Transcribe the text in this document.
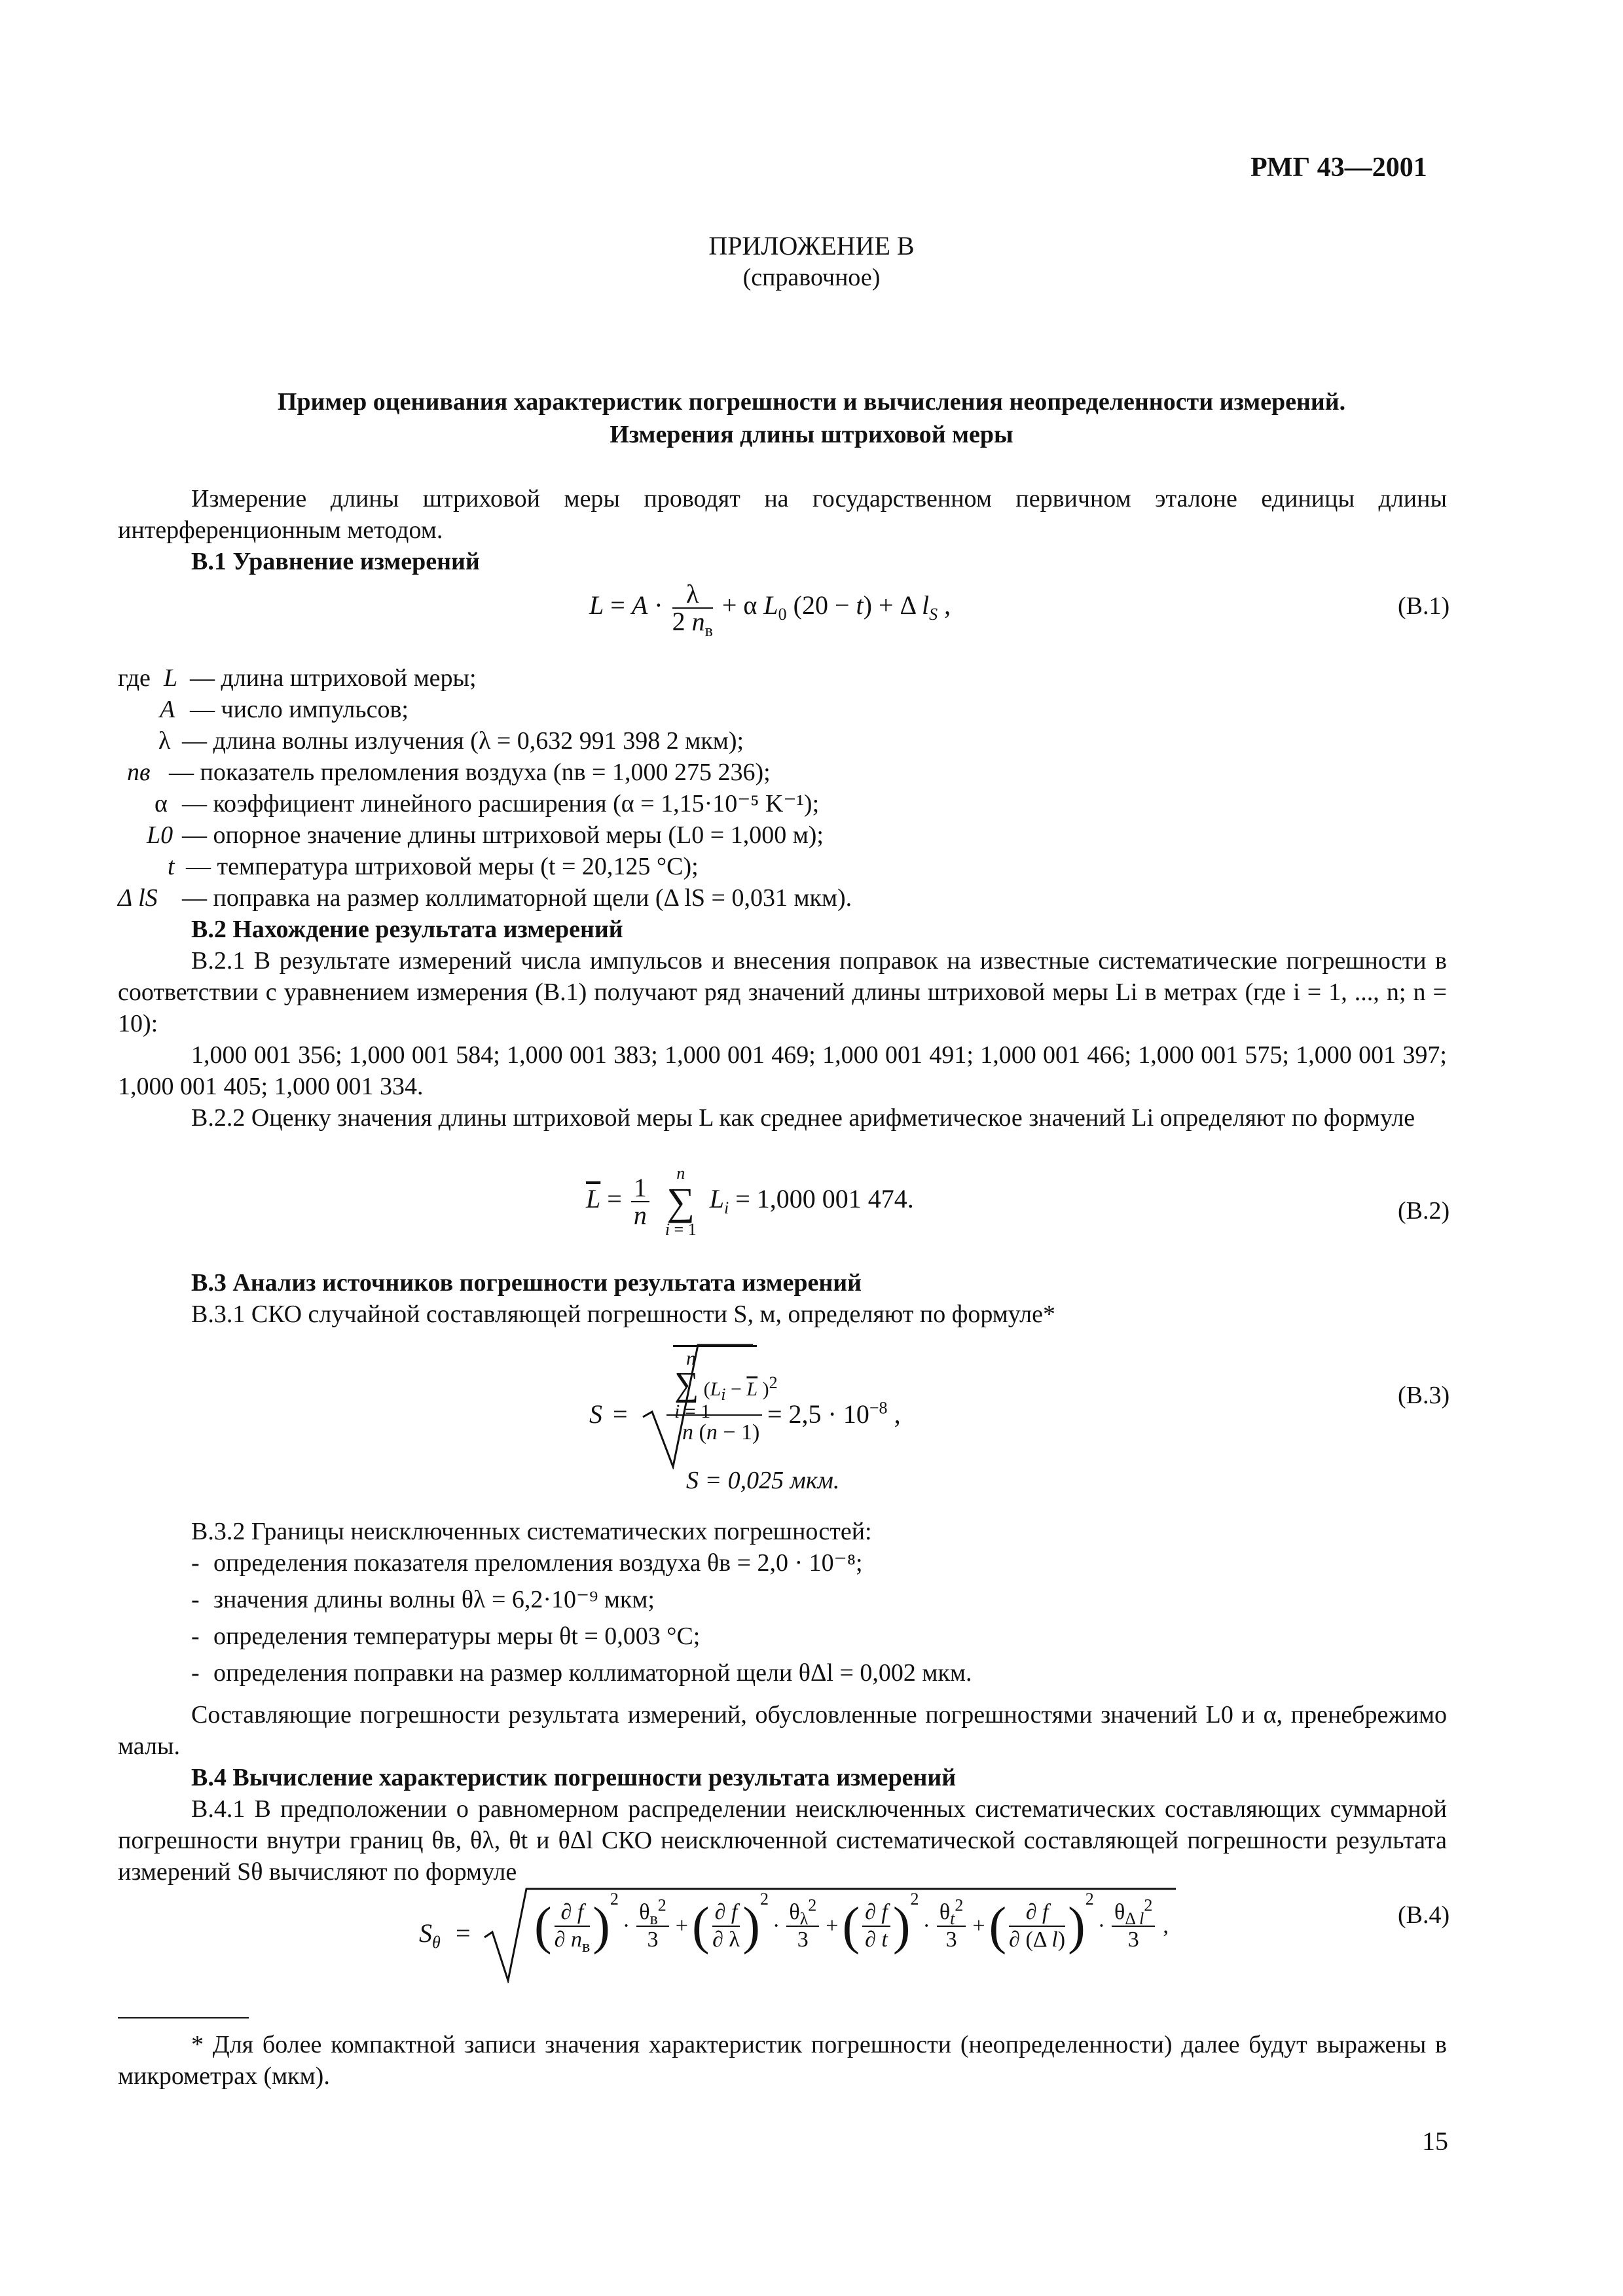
РМГ 43—2001
ПРИЛОЖЕНИЕ В
(справочное)
Пример оценивания характеристик погрешности и вычисления неопределенности измерений.
Измерения длины штриховой меры
Измерение длины штриховой меры проводят на государственном первичном эталоне единицы длины интерференционным методом.
В.1 Уравнение измерений
$L = A \cdot \frac{\lambda}{2 n_в} + \alpha$ $L_0$ (20 − t) + Δ $l_S$ ,	(В.1)
где L — длина штриховой меры;
A — число импульсов;
λ — длина волны излучения (λ = 0,632 991 398 2 мкм);
nв — показатель преломления воздуха (nв = 1,000 275 236);
α — коэффициент линейного расширения (α = 1,15·10⁻⁵ K⁻¹);
L0 — опорное значение длины штриховой меры (L0 = 1,000 м);
t — температура штриховой меры (t = 20,125 °С);
Δ lS — поправка на размер коллиматорной щели (Δ lS = 0,031 мкм).
В.2 Нахождение результата измерений
В.2.1 В результате измерений числа импульсов и внесения поправок на известные систематические погрешности в соответствии с уравнением измерения (В.1) получают ряд значений длины штриховой меры Li в метрах (где i = 1, ..., n; n = 10):
1,000 001 356; 1,000 001 584; 1,000 001 383; 1,000 001 469; 1,000 001 491; 1,000 001 466; 1,000 001 575; 1,000 001 397; 1,000 001 405; 1,000 001 334.
В.2.2 Оценку значения длины штриховой меры L как среднее арифметическое значений Li определяют по формуле
$\overline{L} = \frac{1}{n}$

n
∑
i = 1
$L_i = 1,000$ 001 474.	(В.2)
В.3 Анализ источников погрешности результата измерений
В.3.1 СКО случайной составляющей погрешности S, м, определяют по формуле*
S =
n
∑ ($L_i - \overline{L}$ )$^2$
i = 1
n (n − 1)
= $2,5 \cdot 10^{-8}$ ,
(В.3)
S = 0,025 мкм.
В.3.2 Границы неисключенных систематических погрешностей:
- определения показателя преломления воздуха θв = 2,0 · 10⁻⁸;
- значения длины волны θλ = 6,2·10⁻⁹ мкм;
- определения температуры меры θt = 0,003 °С;
- определения поправки на размер коллиматорной щели θΔl = 0,002 мкм.
Составляющие погрешности результата измерений, обусловленные погрешностями значений L0 и α, пренебрежимо малы.
В.4 Вычисление характеристик погрешности результата измерений
В.4.1 В предположении о равномерном распределении неисключенных систематических составляющих суммарной погрешности внутри границ θв, θλ, θt и θΔl СКО неисключенной систематической составляющей погрешности результата измерений Sθ вычисляют по формуле
$S_\theta$ = ( $\frac{\partial f}{\partial n_в}$ ) 2
· $\frac{\theta_в^2}{3}$ + ( $\frac{\partial f}{\partial \lambda}$ ) 2
· $\frac{\theta_\lambda^2}{3}$ + ( $\frac{\partial f}{\partial t}$ ) 2
· $\frac{\theta_t^2}{3}$ + ( $\frac{\partial f}{\text{∂ (Δ l)}}$ ) 2
· $\frac{\theta_{\Delta l}^2}{3}$ ,	(В.4)
* Для более компактной записи значения характеристик погрешности (неопределенности) далее будут выражены в микрометрах (мкм).
15
